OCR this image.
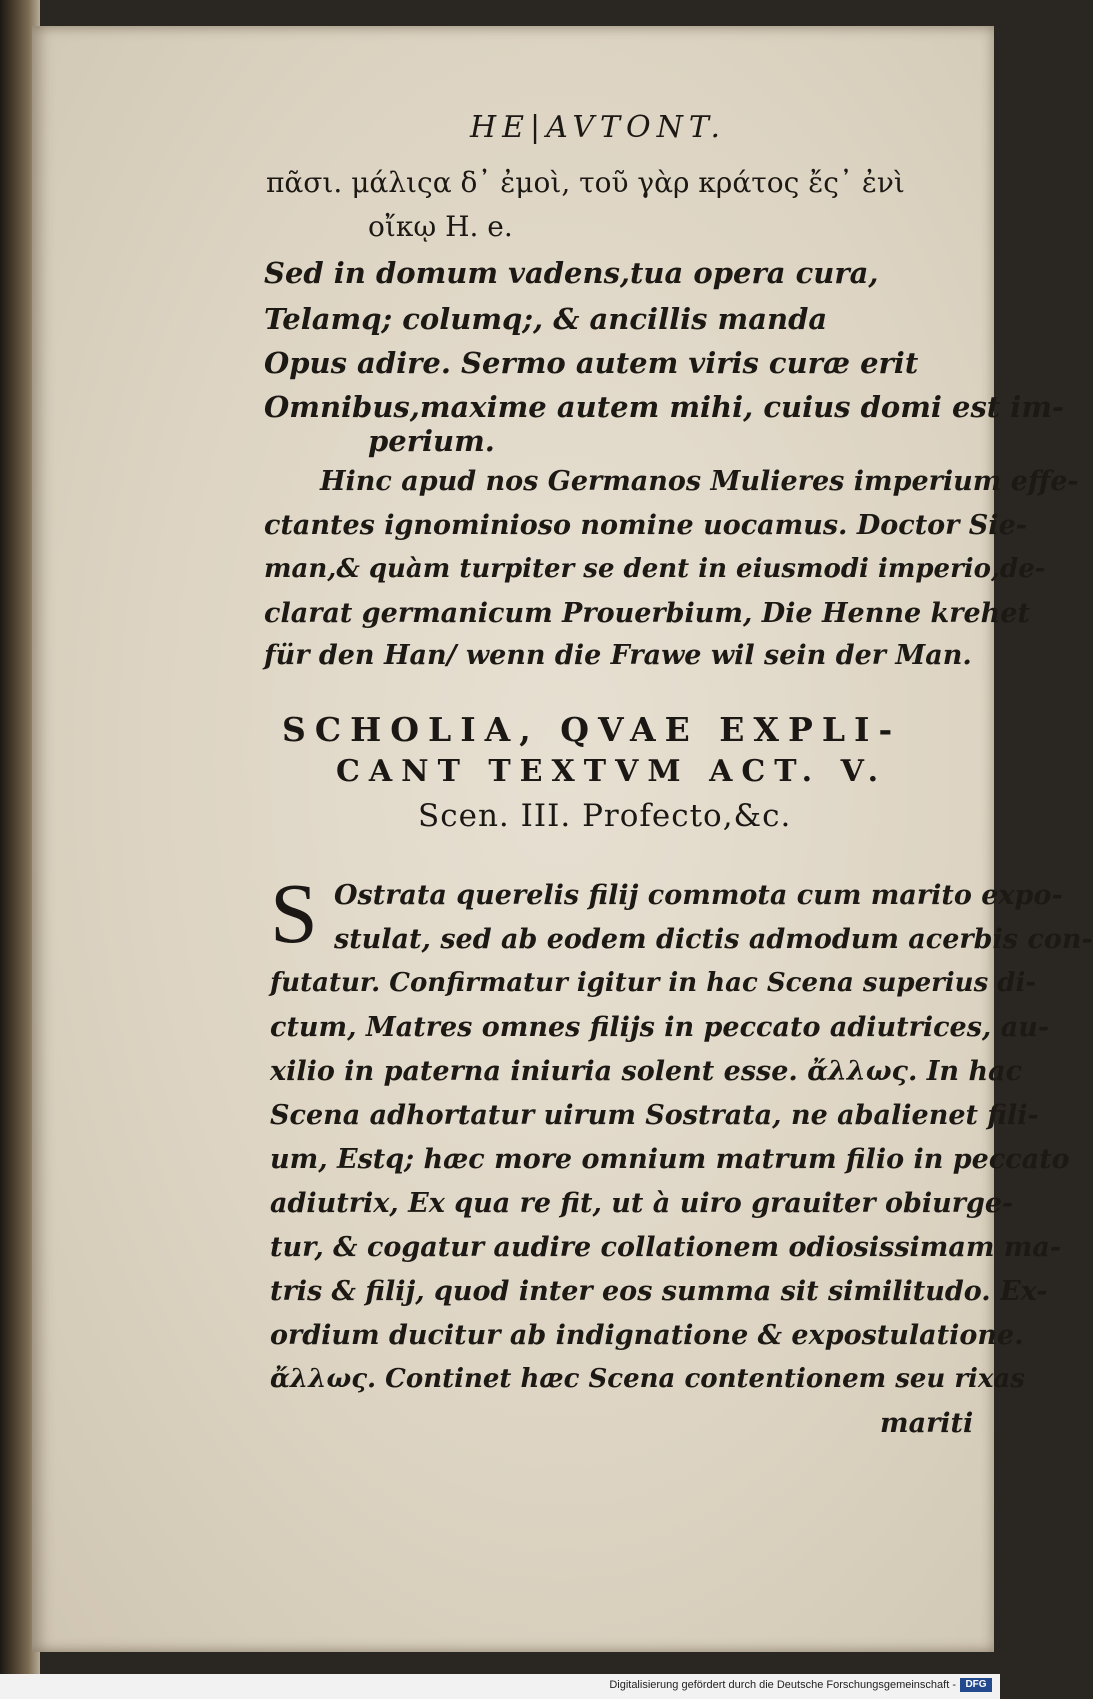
HE|AVTONT.
πᾶσι. μάλιςα δ᾽ ἐμοὶ, τοῦ γὰρ κράτος ἔς᾽ ἐνὶ
οἴκῳ H. e.
Sed in domum vadens,tua opera cura,
Telamq; columq;, & ancillis manda
Opus adire. Sermo autem viris curæ erit
Omnibus,maxime autem mihi, cuius domi est im-
perium.
Hinc apud nos Germanos Mulieres imperium effe-
ctantes ignominioso nomine uocamus. Doctor Sie-
man,& quàm turpiter se dent in eiusmodi imperio,de-
clarat germanicum Prouerbium, Die Henne krehet
für den Han/ wenn die Frawe wil sein der Man.
SCHOLIA, QVAE EXPLI-
CANT TEXTVM ACT. V.
Scen. III. Profecto,&c.
S Ostrata querelis filij commota cum marito expo-
stulat, sed ab eodem dictis admodum acerbis con-
futatur. Confirmatur igitur in hac Scena superius di-
ctum, Matres omnes filijs in peccato adiutrices, au-
xilio in paterna iniuria solent esse. ἄλλως. In hac
Scena adhortatur uirum Sostrata, ne abalienet fili-
um, Estq; hæc more omnium matrum filio in peccato
adiutrix, Ex qua re fit, ut à uiro grauiter obiurge-
tur, & cogatur audire collationem odiosissimam ma-
tris & filij, quod inter eos summa sit similitudo. Ex-
ordium ducitur ab indignatione & expostulatione.
ἄλλως. Continet hæc Scena contentionem seu rixas
mariti
Digitalisierung gefördert durch die Deutsche Forschungsgemeinschaft - DFG
